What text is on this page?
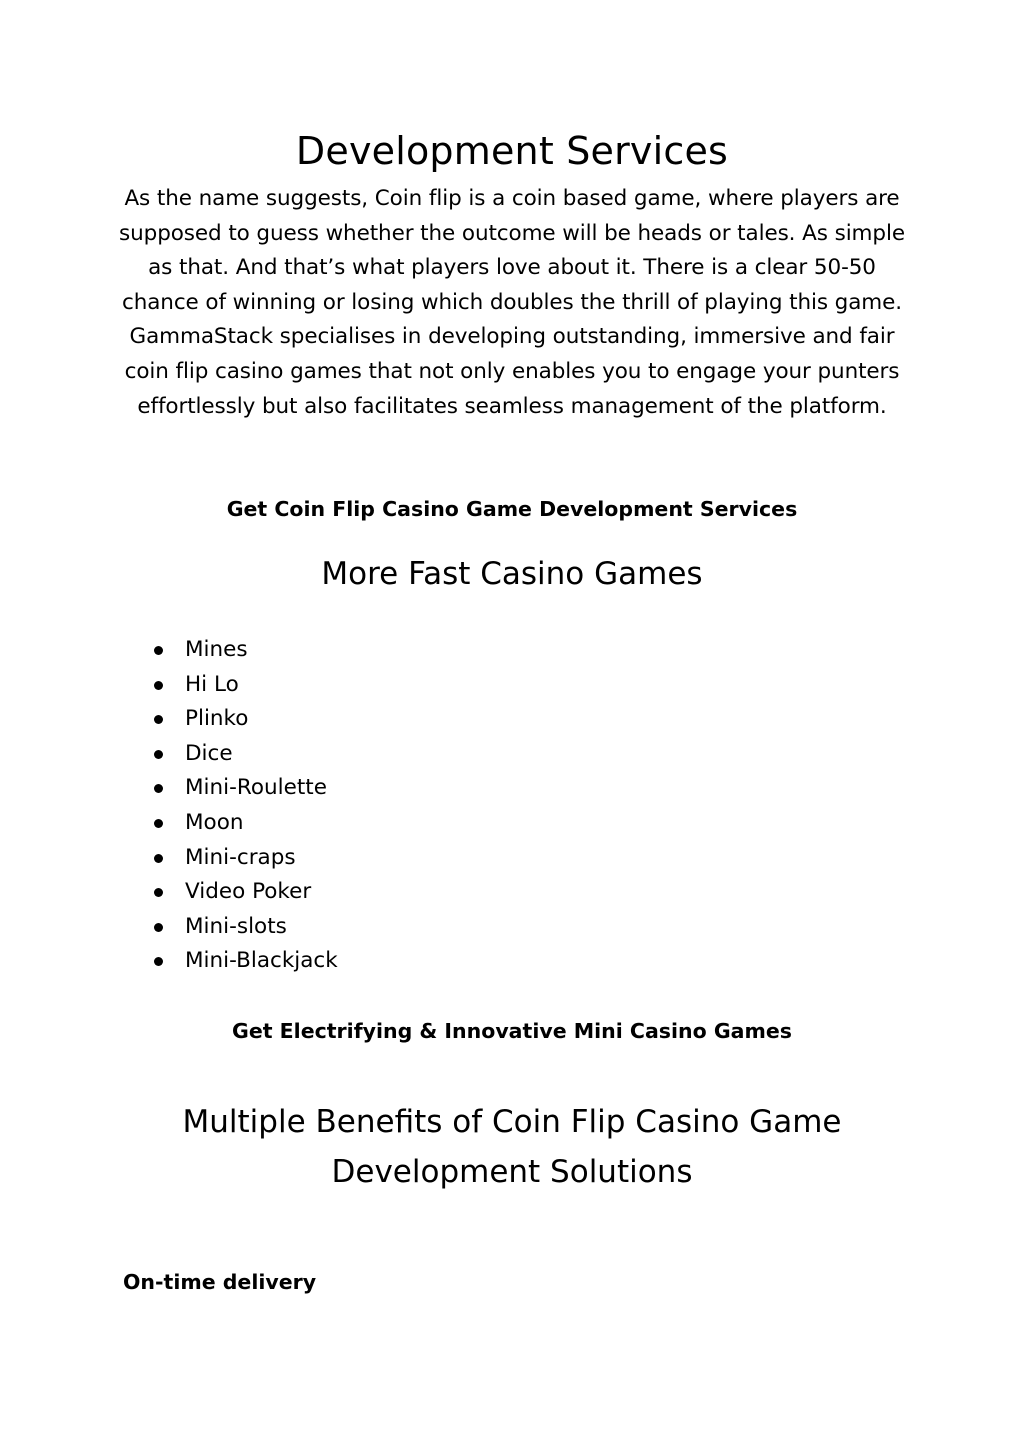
Development Services
As the name suggests, Coin flip is a coin based game, where players are supposed to guess whether the outcome will be heads or tales. As simple as that. And that’s what players love about it. There is a clear 50-50 chance of winning or losing which doubles the thrill of playing this game. GammaStack specialises in developing outstanding, immersive and fair coin flip casino games that not only enables you to engage your punters effortlessly but also facilitates seamless management of the platform.
Get Coin Flip Casino Game Development Services
More Fast Casino Games
Mines
Hi Lo
Plinko
Dice
Mini-Roulette
Moon
Mini-craps
Video Poker
Mini-slots
Mini-Blackjack
Get Electrifying & Innovative Mini Casino Games
Multiple Benefits of Coin Flip Casino Game Development Solutions
On-time delivery
